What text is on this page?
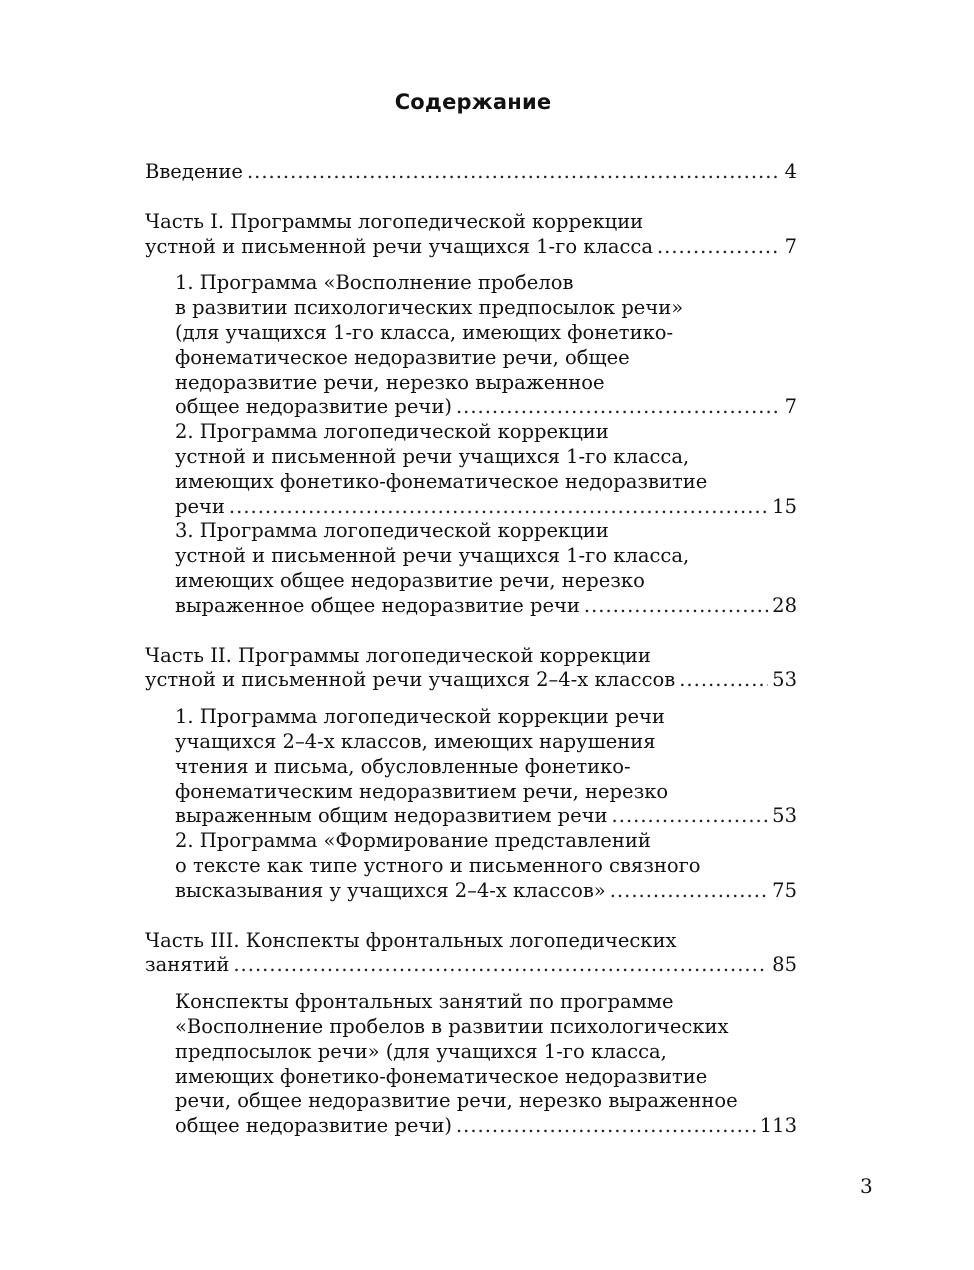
Содержание
Введение .....	4
Часть I. Программы логопедической коррекции
устной и письменной речи учащихся 1-го класса .....	7
1. Программа «Восполнение пробелов
в развитии психологических предпосылок речи»
(для учащихся 1-го класса, имеющих фонетико-
фонематическое недоразвитие речи, общее
недоразвитие речи, нерезко выраженное
общее недоразвитие речи) .....	7
2. Программа логопедической коррекции
устной и письменной речи учащихся 1-го класса,
имеющих фонетико-фонематическое недоразвитие
речи .....	15
3. Программа логопедической коррекции
устной и письменной речи учащихся 1-го класса,
имеющих общее недоразвитие речи, нерезко
выраженное общее недоразвитие речи .....	28
Часть II. Программы логопедической коррекции
устной и письменной речи учащихся 2–4-х классов .....	53
1. Программа логопедической коррекции речи
учащихся 2–4-х классов, имеющих нарушения
чтения и письма, обусловленные фонетико-
фонематическим недоразвитием речи, нерезко
выраженным общим недоразвитием речи .....	53
2. Программа «Формирование представлений
о тексте как типе устного и письменного связного
высказывания у учащихся 2–4-х классов» .....	75
Часть III. Конспекты фронтальных логопедических
занятий .....	85
Конспекты фронтальных занятий по программе
«Восполнение пробелов в развитии психологических
предпосылок речи» (для учащихся 1-го класса,
имеющих фонетико-фонематическое недоразвитие
речи, общее недоразвитие речи, нерезко выраженное
общее недоразвитие речи) .....	113
3
